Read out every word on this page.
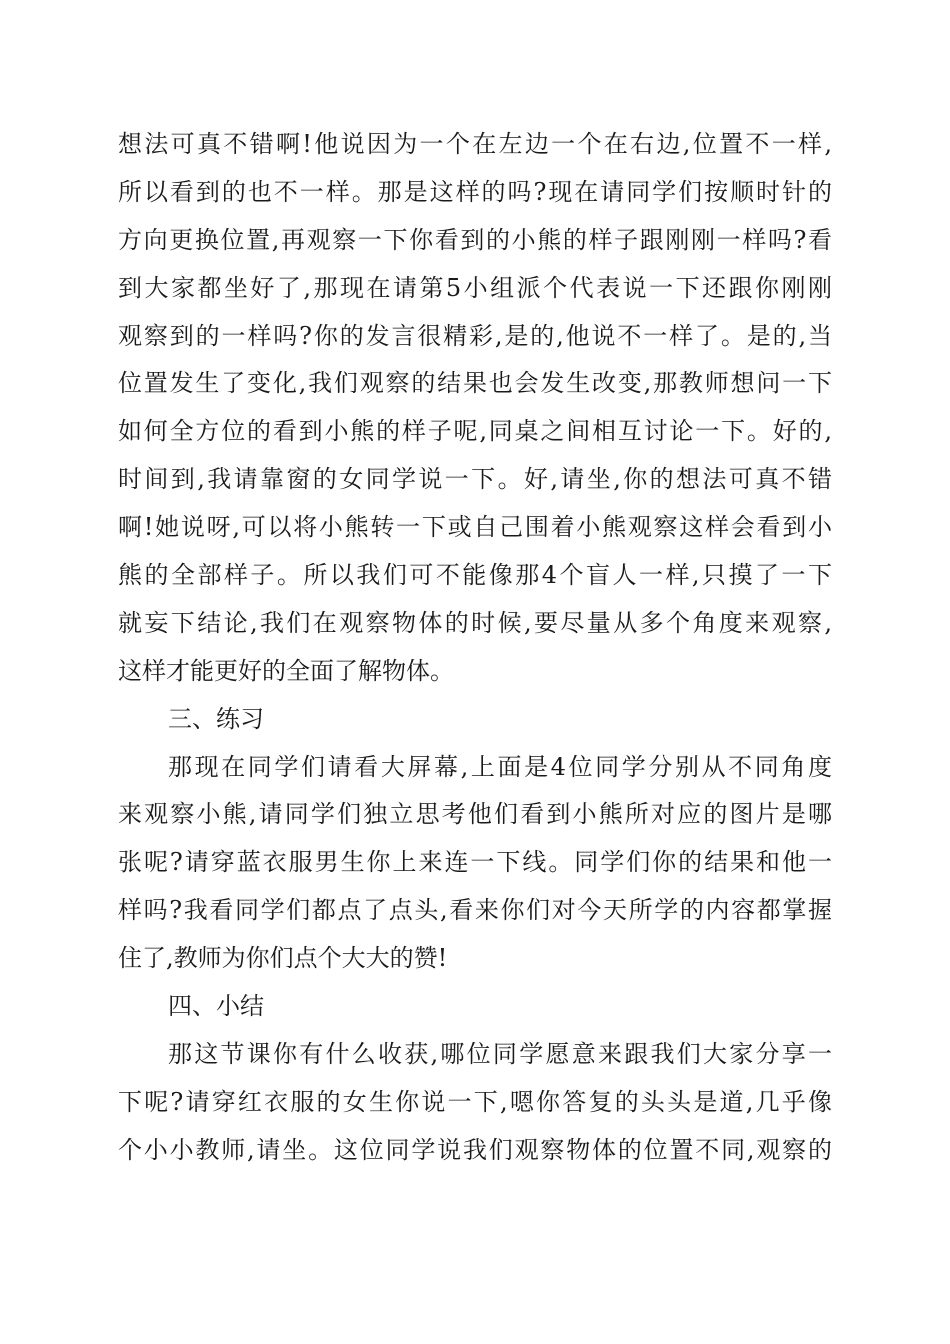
想法可真不错啊!他说因为一个在左边一个在右边,位置不一样,
所以看到的也不一样。那是这样的吗?现在请同学们按顺时针的
方向更换位置,再观察一下你看到的小熊的样子跟刚刚一样吗?看
到大家都坐好了,那现在请第5小组派个代表说一下还跟你刚刚
观察到的一样吗?你的发言很精彩,是的,他说不一样了。是的,当
位置发生了变化,我们观察的结果也会发生改变,那教师想问一下
如何全方位的看到小熊的样子呢,同桌之间相互讨论一下。好的,
时间到,我请靠窗的女同学说一下。好,请坐,你的想法可真不错
啊!她说呀,可以将小熊转一下或自己围着小熊观察这样会看到小
熊的全部样子。所以我们可不能像那4个盲人一样,只摸了一下
就妄下结论,我们在观察物体的时候,要尽量从多个角度来观察,
这样才能更好的全面了解物体。
三、练习
那现在同学们请看大屏幕,上面是4位同学分别从不同角度
来观察小熊,请同学们独立思考他们看到小熊所对应的图片是哪
张呢?请穿蓝衣服男生你上来连一下线。同学们你的结果和他一
样吗?我看同学们都点了点头,看来你们对今天所学的内容都掌握
住了,教师为你们点个大大的赞!
四、小结
那这节课你有什么收获,哪位同学愿意来跟我们大家分享一
下呢?请穿红衣服的女生你说一下,嗯你答复的头头是道,几乎像
个小小教师,请坐。这位同学说我们观察物体的位置不同,观察的
